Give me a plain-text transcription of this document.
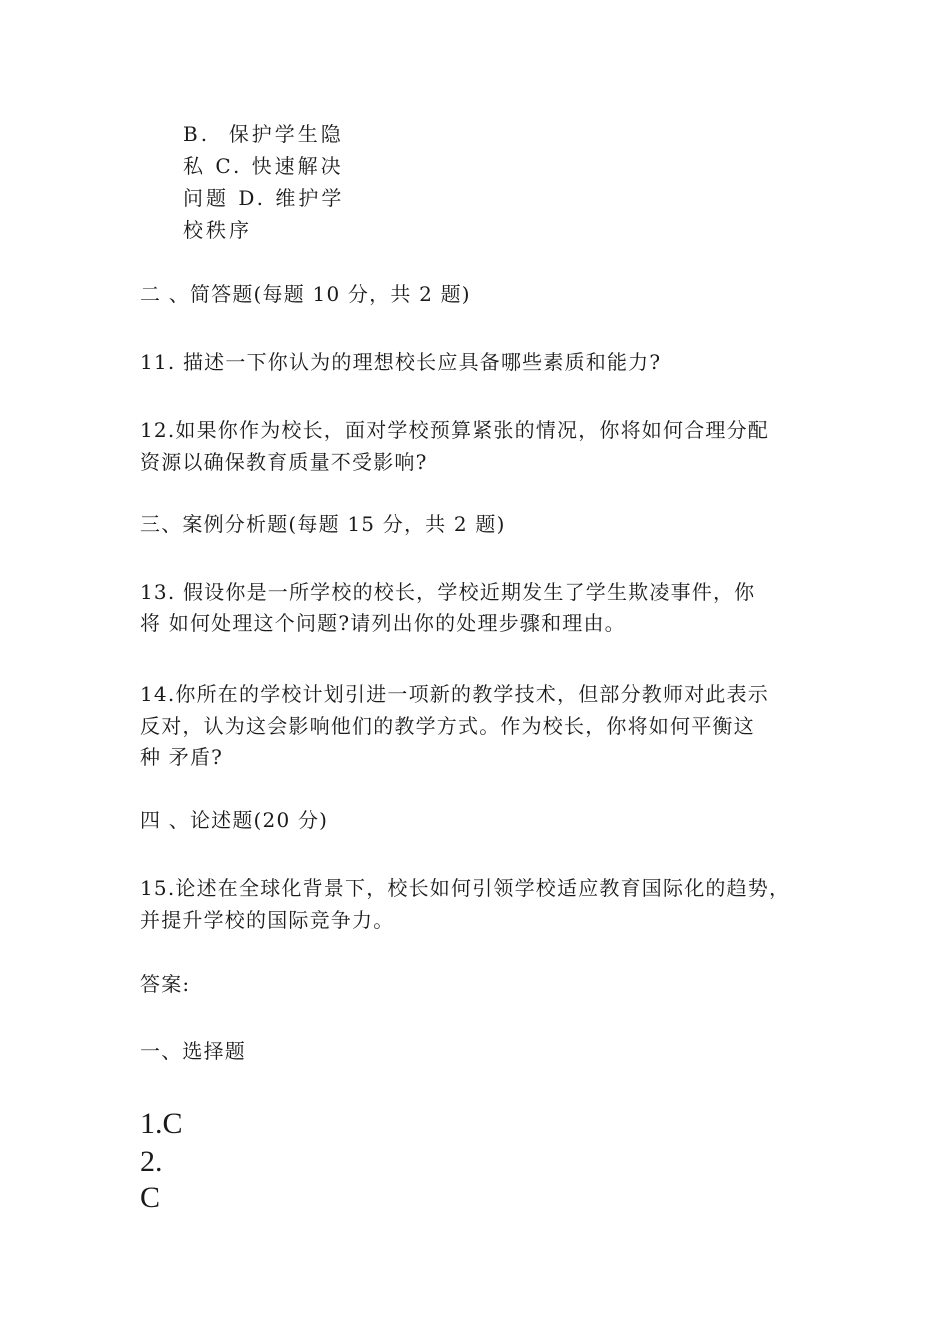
B.  保护学生隐
私 C. 快速解决
问题 D. 维护学
校秩序
二 、简答题(每题 10 分，共 2 题)
11. 描述一下你认为的理想校长应具备哪些素质和能力?
12.如果你作为校长，面对学校预算紧张的情况，你将如何合理分配
资源以确保教育质量不受影响?
三、案例分析题(每题 15 分，共 2 题)
13. 假设你是一所学校的校长，学校近期发生了学生欺凌事件，你
将 如何处理这个问题?请列出你的处理步骤和理由。
14.你所在的学校计划引进一项新的教学技术，但部分教师对此表示
反对，认为这会影响他们的教学方式。作为校长，你将如何平衡这
种 矛盾?
四 、论述题(20 分)
15.论述在全球化背景下，校长如何引领学校适应教育国际化的趋势，
并提升学校的国际竞争力。
答案:
一、选择题
1.C
2.
C
